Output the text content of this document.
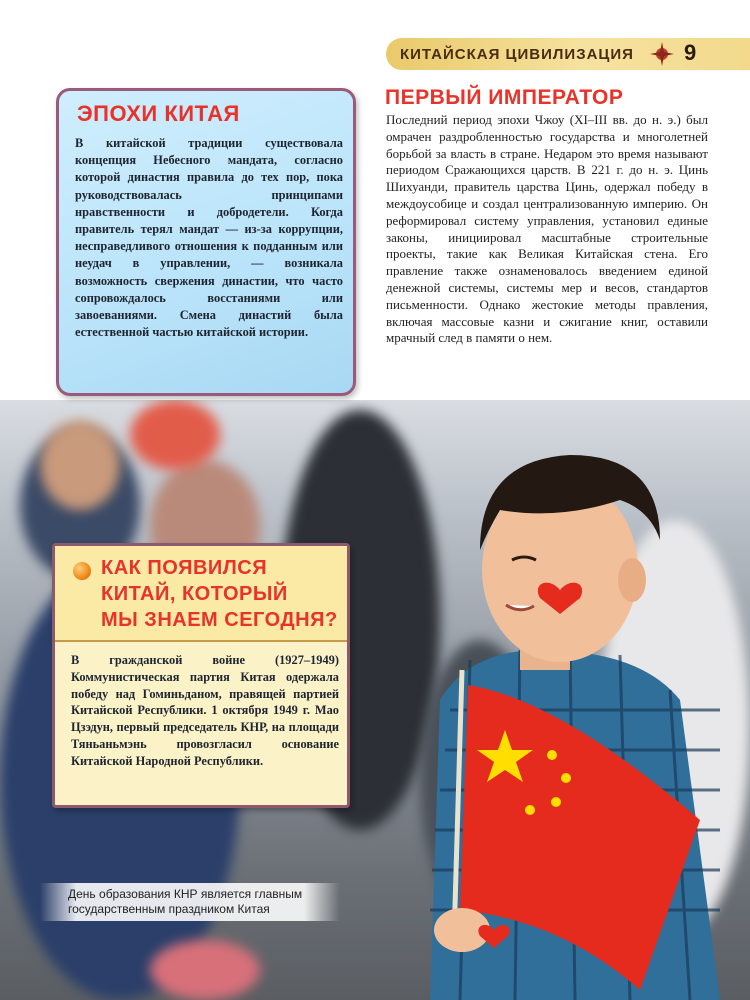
КИТАЙСКАЯ ЦИВИЛИЗАЦИЯ 9
ЭПОХИ КИТАЯ
В китайской традиции существовала концепция Небесного мандата, согласно которой династия правила до тех пор, пока руководствовалась принципами нравственности и добродетели. Когда правитель терял мандат — из-за коррупции, несправедливого отношения к подданным или неудач в управлении, — возникала возможность свержения династии, что часто сопровождалось восстаниями или завоеваниями. Смена династий была естественной частью китайской истории.
ПЕРВЫЙ ИМПЕРАТОР
Последний период эпохи Чжоу (XI–III вв. до н. э.) был омрачен раздробленностью государства и многолетней борьбой за власть в стране. Недаром это время называют периодом Сражающихся царств. В 221 г. до н. э. Цинь Шихуанди, правитель царства Цинь, одержал победу в междоусобице и создал централизованную империю. Он реформировал систему управления, установил единые законы, инициировал масштабные строительные проекты, такие как Великая Китайская стена. Его правление также ознаменовалось введением единой денежной системы, системы мер и весов, стандартов письменности. Однако жестокие методы правления, включая массовые казни и сжигание книг, оставили мрачный след в памяти о нем.
КАК ПОЯВИЛСЯ
КИТАЙ, КОТОРЫЙ
МЫ ЗНАЕМ СЕГОДНЯ?
В гражданской войне (1927–1949) Коммунистическая партия Китая одержала победу над Гоминьданом, правящей партией Китайской Республики. 1 октября 1949 г. Мао Цзэдун, первый председатель КНР, на площади Тяньаньмэнь провозгласил основание Китайской Народной Республики.
День образования КНР является главным государственным праздником Китая
